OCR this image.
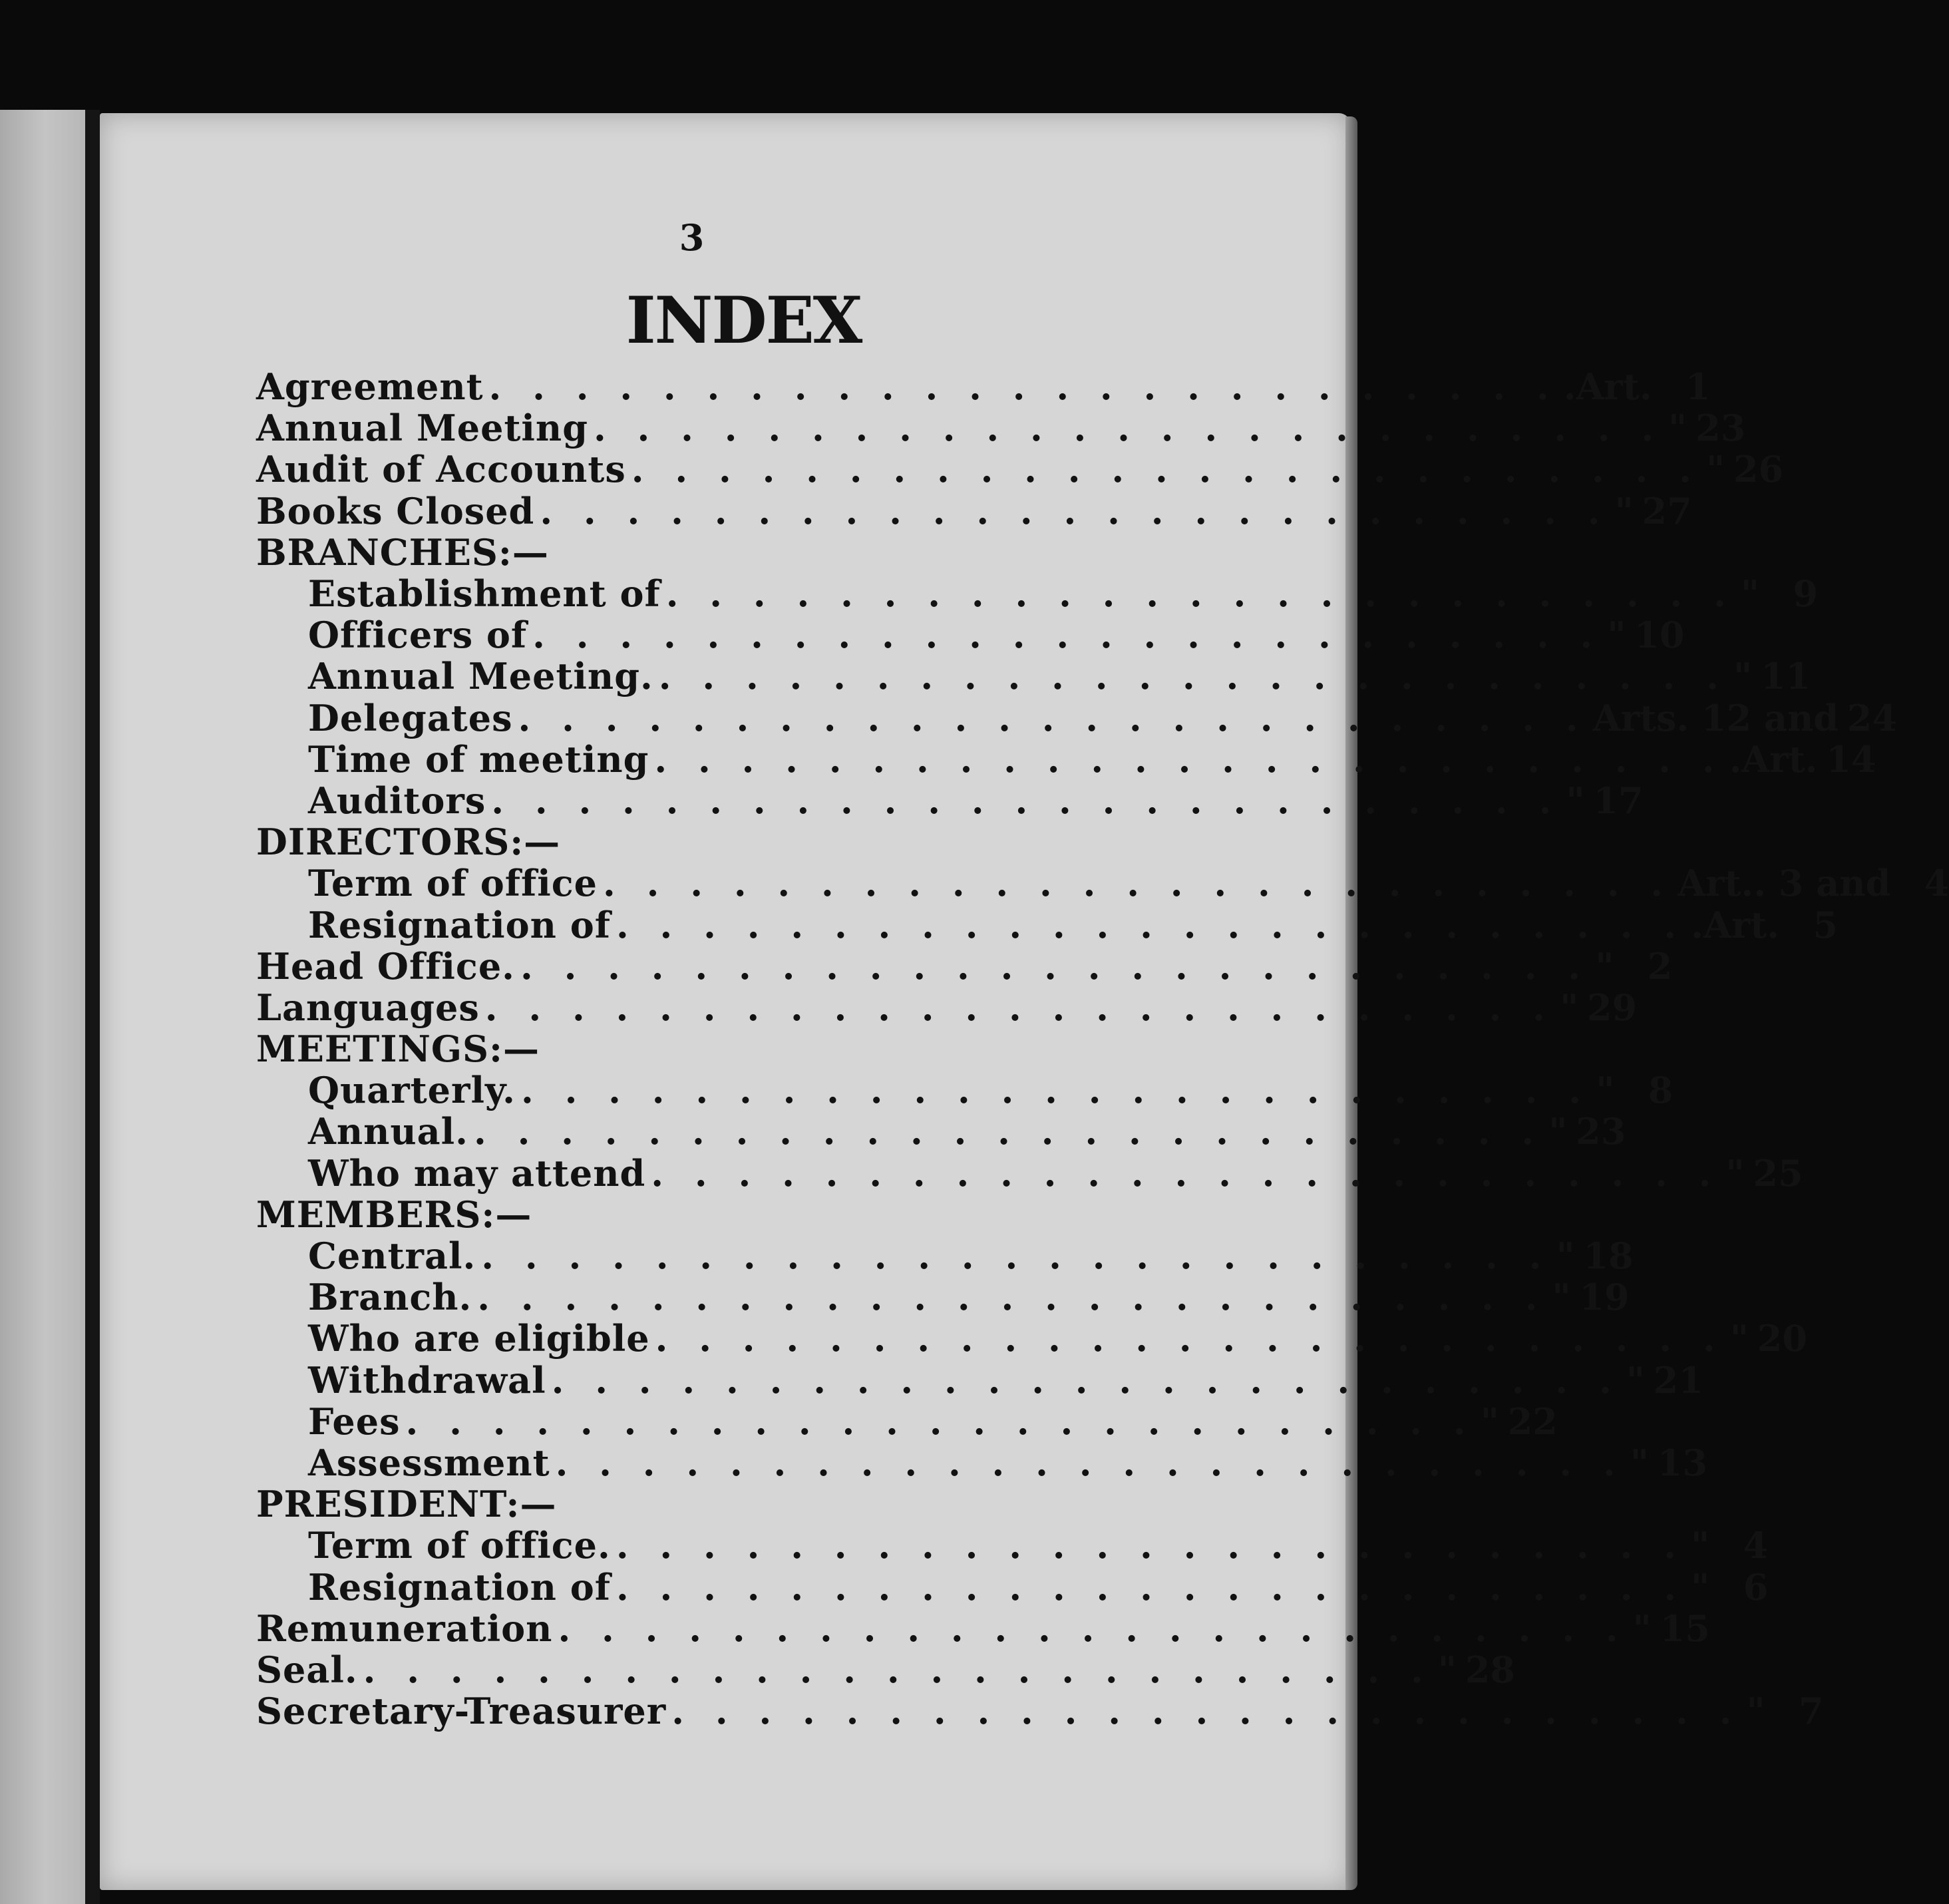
3
INDEX
Agreement . . . . . . . . . . . . . . . . . . . . . . . . . .Art. 1
Annual Meeting . . . . . . . . . . . . . . . . . . . . . . . . . " 23
Audit of Accounts . . . . . . . . . . . . . . . . . . . . . . . . . " 26
Books Closed . . . . . . . . . . . . . . . . . . . . . . . . . " 27
BRANCHES:—
Establishment of . . . . . . . . . . . . . . . . . . . . . . . . . " 9
Officers of . . . . . . . . . . . . . . . . . . . . . . . . . " 10
Annual Meeting. . . . . . . . . . . . . . . . . . . . . . . . . . " 11
Delegates . . . . . . . . . . . . . . . . . . . . . . . . . Arts. 12 and 24
Time of meeting . . . . . . . . . . . . . . . . . . . . . . . . . .Art. 14
Auditors . . . . . . . . . . . . . . . . . . . . . . . . . " 17
DIRECTORS:—
Term of office . . . . . . . . . . . . . . . . . . . . . . . . . Art.. 3 and 4
Resignation of . . . . . . . . . . . . . . . . . . . . . . . . . .Art. 5
Head Office. . . . . . . . . . . . . . . . . . . . . . . . . . " 2
Languages . . . . . . . . . . . . . . . . . . . . . . . . . " 29
MEETINGS:—
Quarterly. . . . . . . . . . . . . . . . . . . . . . . . . . " 8
Annual. . . . . . . . . . . . . . . . . . . . . . . . . . " 23
Who may attend . . . . . . . . . . . . . . . . . . . . . . . . . " 25
MEMBERS:—
Central. . . . . . . . . . . . . . . . . . . . . . . . . . " 18
Branch. . . . . . . . . . . . . . . . . . . . . . . . . . " 19
Who are eligible . . . . . . . . . . . . . . . . . . . . . . . . . " 20
Withdrawal . . . . . . . . . . . . . . . . . . . . . . . . . " 21
Fees . . . . . . . . . . . . . . . . . . . . . . . . . " 22
Assessment . . . . . . . . . . . . . . . . . . . . . . . . . " 13
PRESIDENT:—
Term of office. . . . . . . . . . . . . . . . . . . . . . . . . . " 4
Resignation of . . . . . . . . . . . . . . . . . . . . . . . . . " 6
Remuneration . . . . . . . . . . . . . . . . . . . . . . . . . " 15
Seal. . . . . . . . . . . . . . . . . . . . . . . . . . " 28
Secretary-Treasurer . . . . . . . . . . . . . . . . . . . . . . . . . " 7
